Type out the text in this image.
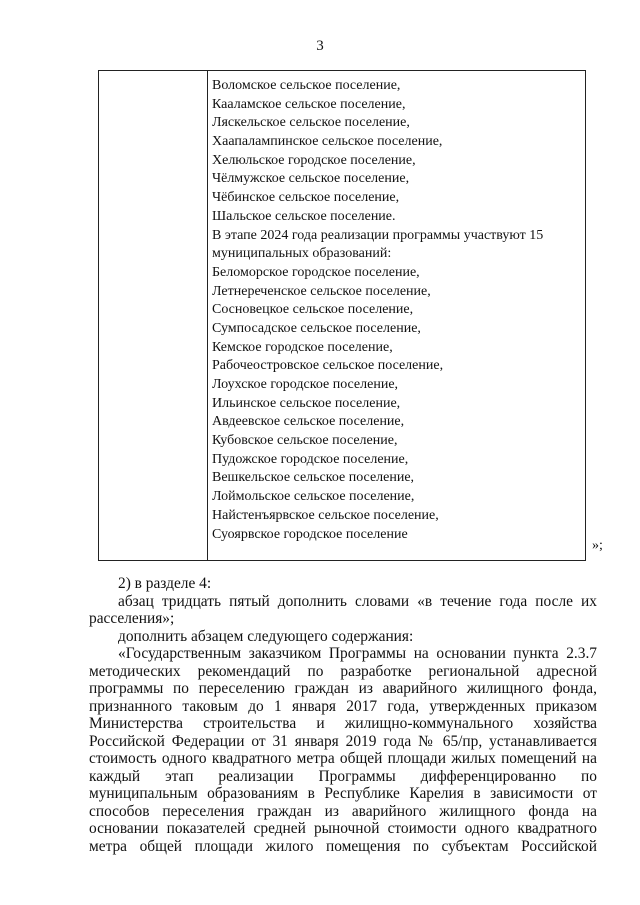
3
Воломское сельское поселение,
Кааламское сельское поселение,
Ляскельское сельское поселение,
Хаапалампинское сельское поселение,
Хелюльское городское поселение,
Чёлмужское сельское поселение,
Чёбинское сельское поселение,
Шальское сельское поселение.
В этапе 2024 года реализации программы участвуют 15
муниципальных образований:
Беломорское городское поселение,
Летнереченское сельское поселение,
Сосновецкое сельское поселение,
Сумпосадское сельское поселение,
Кемское городское поселение,
Рабочеостровское сельское поселение,
Лоухское городское поселение,
Ильинское сельское поселение,
Авдеевское сельское поселение,
Кубовское сельское поселение,
Пудожское городское поселение,
Вешкельское сельское поселение,
Лоймольское сельское поселение,
Найстенъярвское сельское поселение,
Суоярвское городское поселение
»;
2) в разделе 4:
абзац тридцать пятый дополнить словами «в течение года после их
расселения»;
дополнить абзацем следующего содержания:
«Государственным заказчиком Программы на основании пункта 2.3.7
методических рекомендаций по разработке региональной адресной
программы по переселению граждан из аварийного жилищного фонда,
признанного таковым до 1 января 2017 года, утвержденных приказом
Министерства строительства и жилищно-коммунального хозяйства
Российской Федерации от 31 января 2019 года № 65/пр, устанавливается
стоимость одного квадратного метра общей площади жилых помещений на
каждый этап реализации Программы дифференцированно по
муниципальным образованиям в Республике Карелия в зависимости от
способов переселения граждан из аварийного жилищного фонда на
основании показателей средней рыночной стоимости одного квадратного
метра общей площади жилого помещения по субъектам Российской
